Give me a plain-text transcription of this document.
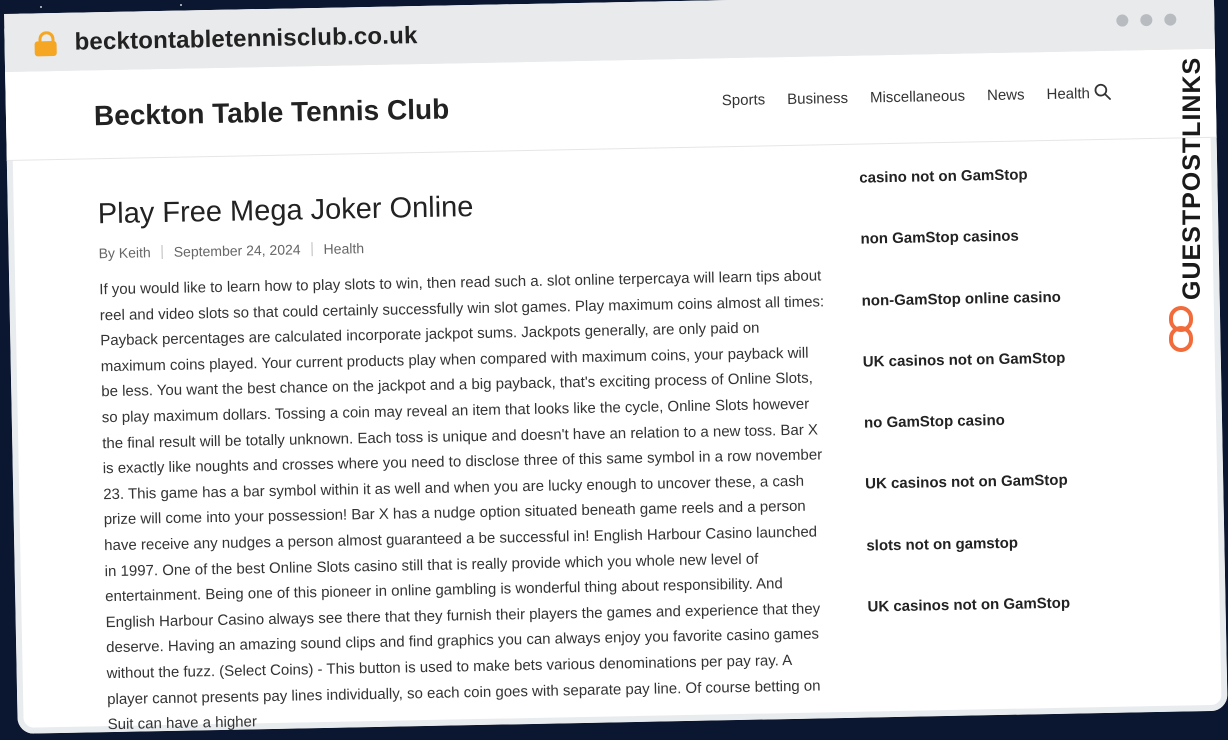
becktontabletennisclub.co.uk
Beckton Table Tennis Club	Sports Business Miscellaneous News Health
Play Free Mega Joker Online
By Keith September 24, 2024 Health

If you would like to learn how to play slots to win, then read such a. slot online terpercaya will learn tips about reel and video slots so that could certainly successfully win slot games. Play maximum coins almost all times: Payback percentages are calculated incorporate jackpot sums. Jackpots generally, are only paid on maximum coins played. Your current products play when compared with maximum coins, your payback will be less. You want the best chance on the jackpot and a big payback, that's exciting process of Online Slots, so play maximum dollars. Tossing a coin may reveal an item that looks like the cycle, Online Slots however the final result will be totally unknown. Each toss is unique and doesn't have an relation to a new toss. Bar X is exactly like noughts and crosses where you need to disclose three of this same symbol in a row november 23. This game has a bar symbol within it as well and when you are lucky enough to uncover these, a cash prize will come into your possession! Bar X has a nudge option situated beneath game reels and a person have receive any nudges a person almost guaranteed a be successful in! English Harbour Casino launched in 1997. One of the best Online Slots casino still that is really provide which you whole new level of entertainment. Being one of this pioneer in online gambling is wonderful thing about responsibility. And English Harbour Casino always see there that they furnish their players the games and experience that they deserve. Having an amazing sound clips and find graphics you can always enjoy you favorite casino games without the fuzz. (Select Coins) - This button is used to make bets various denominations per pay ray. A player cannot presents pay lines individually, so each coin goes with separate pay line. Of course betting on Suit can have a higher

casino not on GamStop
non GamStop casinos
non-GamStop online casino
UK casinos not on GamStop
no GamStop casino
UK casinos not on GamStop
slots not on gamstop
UK casinos not on GamStop
GUESTPOSTLINKS
